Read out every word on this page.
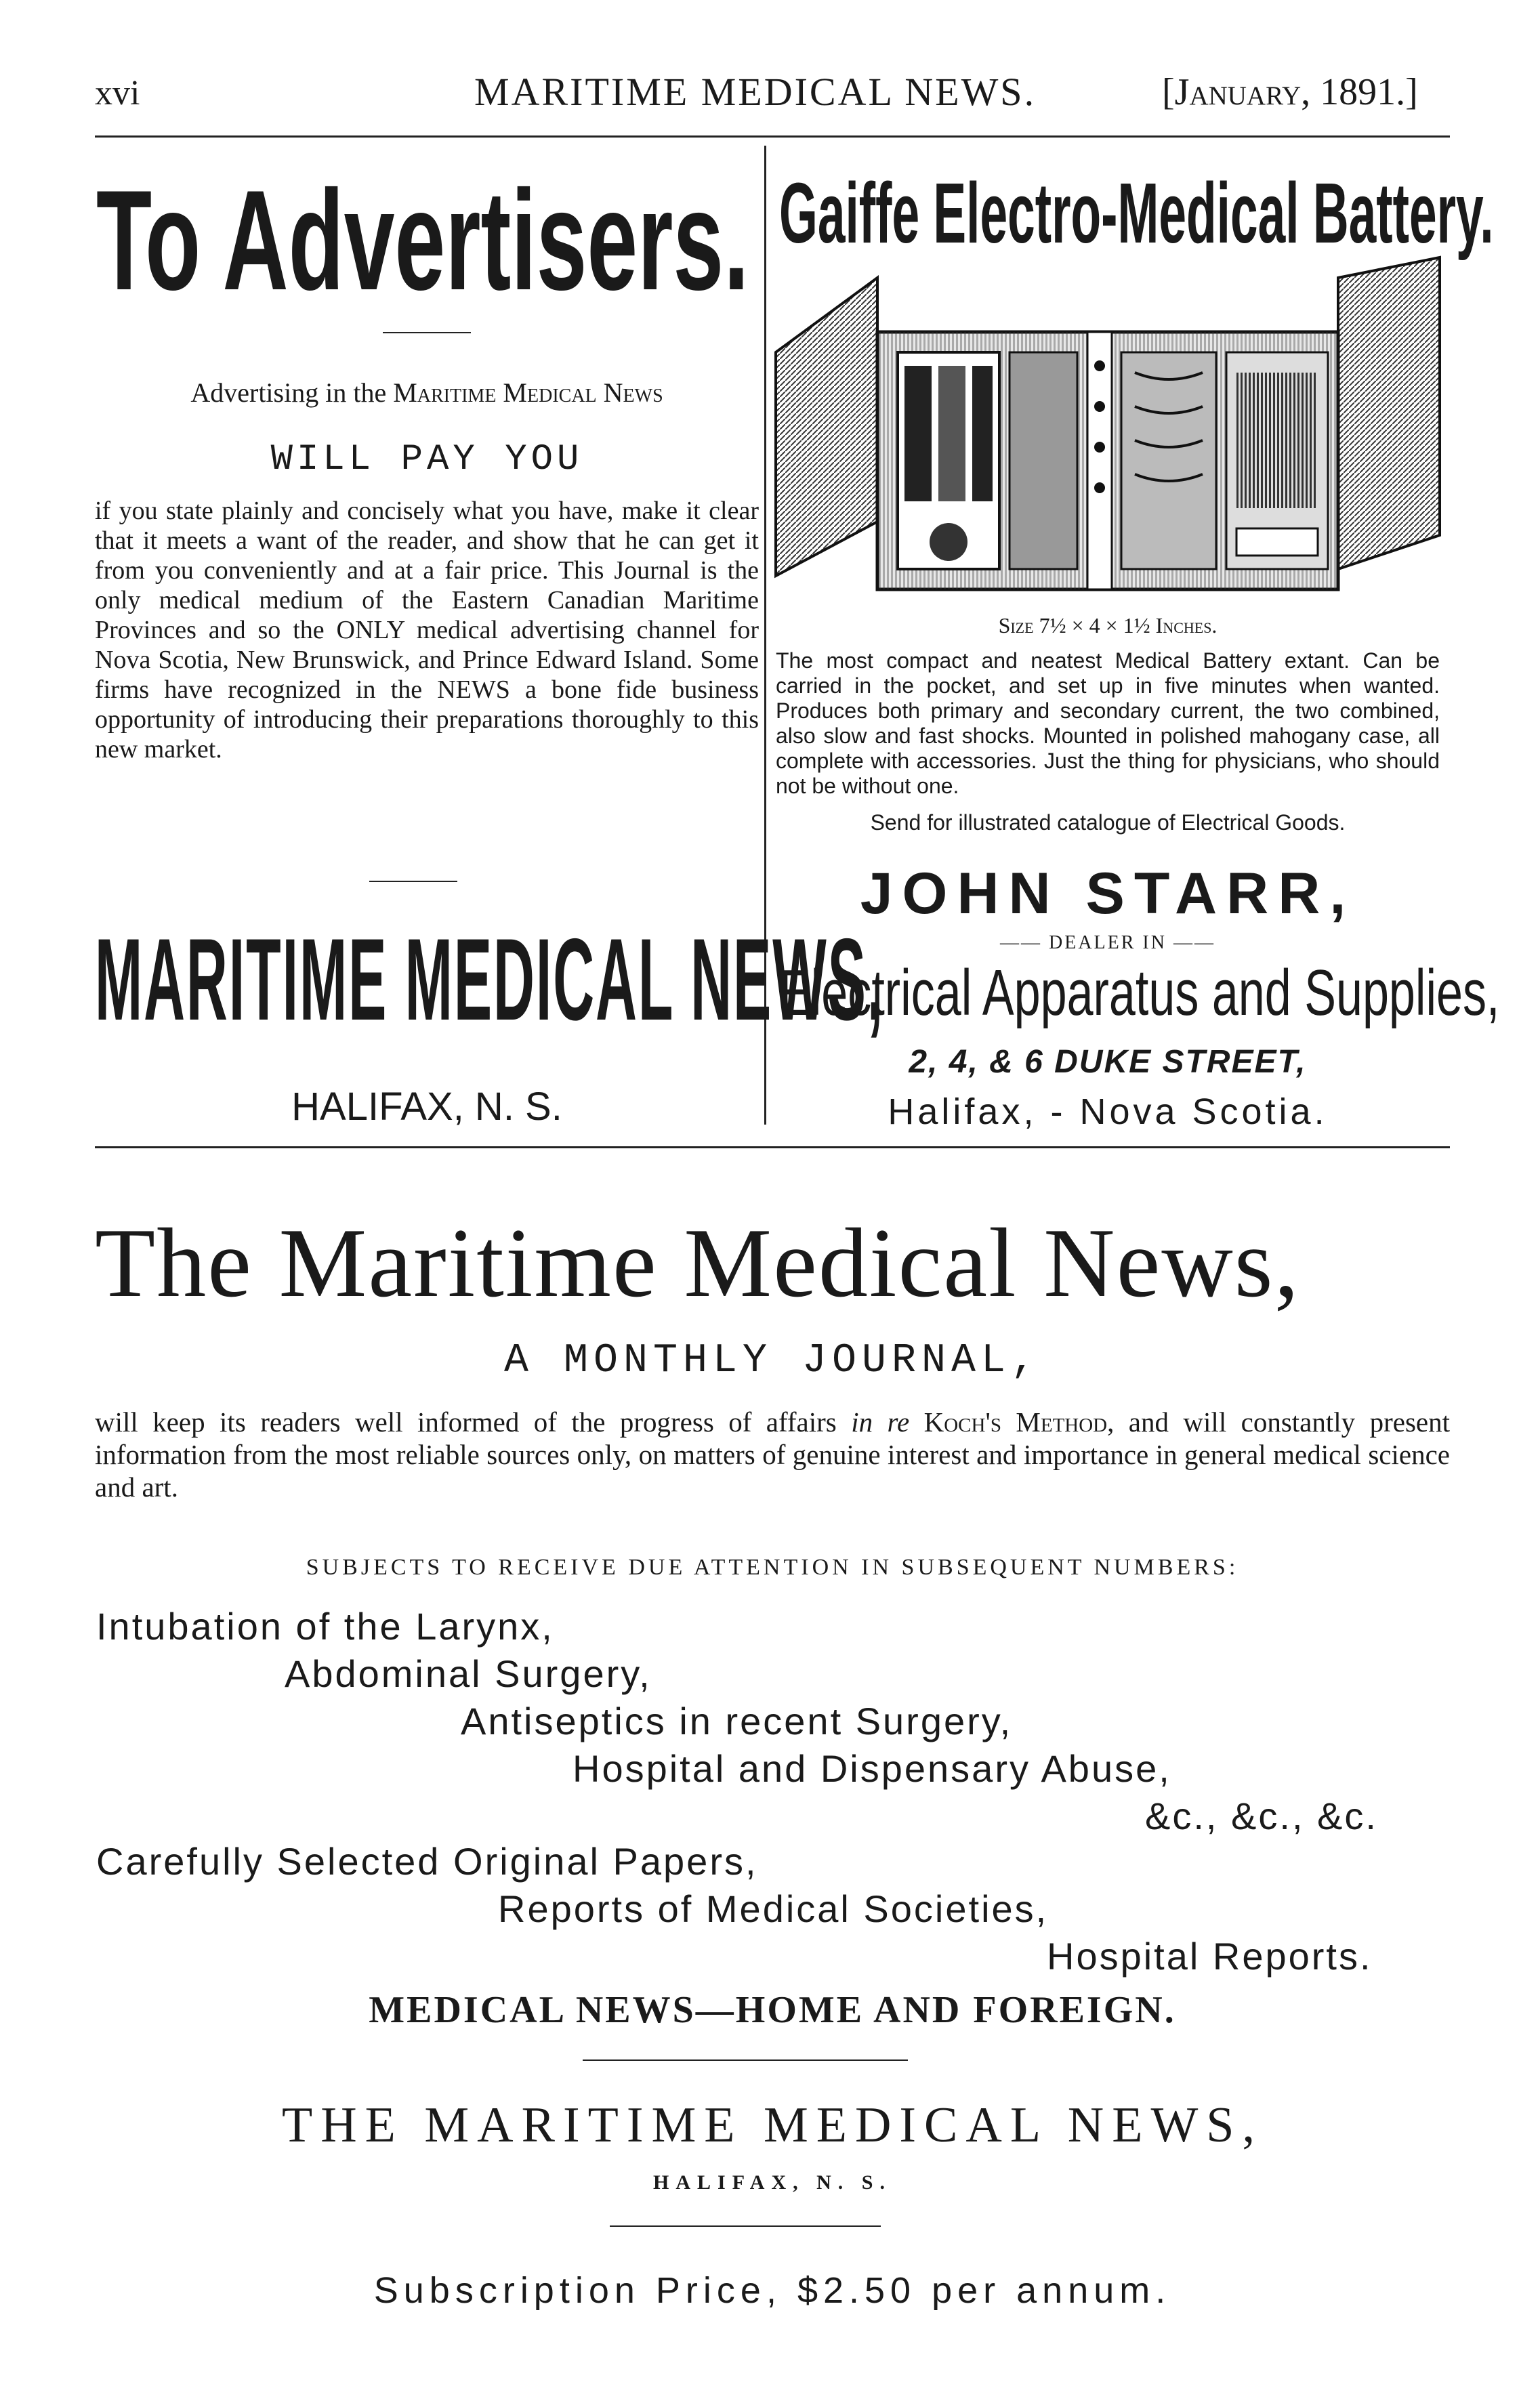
xvi	MARITIME MEDICAL NEWS.	[January, 1891.]
To Advertisers.
Advertising in the Maritime Medical News
WILL PAY YOU
if you state plainly and concisely what you have, make it clear that it meets a want of the reader, and show that he can get it from you conveniently and at a fair price. This Journal is the only medical medium of the Eastern Canadian Maritime Provinces and so the ONLY medical advertising channel for Nova Scotia, New Brunswick, and Prince Edward Island. Some firms have recognized in the NEWS a bone fide business opportunity of introducing their preparations thoroughly to this new market.
MARITIME MEDICAL NEWS,
HALIFAX, N. S.
Gaiffe Electro-Medical Battery.
Size 7½ × 4 × 1½ Inches.
The most compact and neatest Medical Battery extant. Can be carried in the pocket, and set up in five minutes when wanted. Produces both primary and secondary current, the two combined, also slow and fast shocks. Mounted in polished mahogany case, all complete with accessories. Just the thing for physicians, who should not be without one.
Send for illustrated catalogue of Electrical Goods.
JOHN STARR,
—— DEALER IN ——
Electrical Apparatus and Supplies,
2, 4, & 6 DUKE STREET,
Halifax, - Nova Scotia.
The Maritime Medical News,
A MONTHLY JOURNAL,
will keep its readers well informed of the progress of affairs in re Koch's Method, and will constantly present information from the most reliable sources only, on matters of genuine interest and importance in general medical science and art.
SUBJECTS TO RECEIVE DUE ATTENTION IN SUBSEQUENT NUMBERS:
Intubation of the Larynx,
Abdominal Surgery,
Antiseptics in recent Surgery,
Hospital and Dispensary Abuse,
&c., &c., &c.
Carefully Selected Original Papers,
Reports of Medical Societies,
Hospital Reports.
MEDICAL NEWS—HOME AND FOREIGN.
THE MARITIME MEDICAL NEWS,
HALIFAX, N. S.
Subscription Price, $2.50 per annum.
